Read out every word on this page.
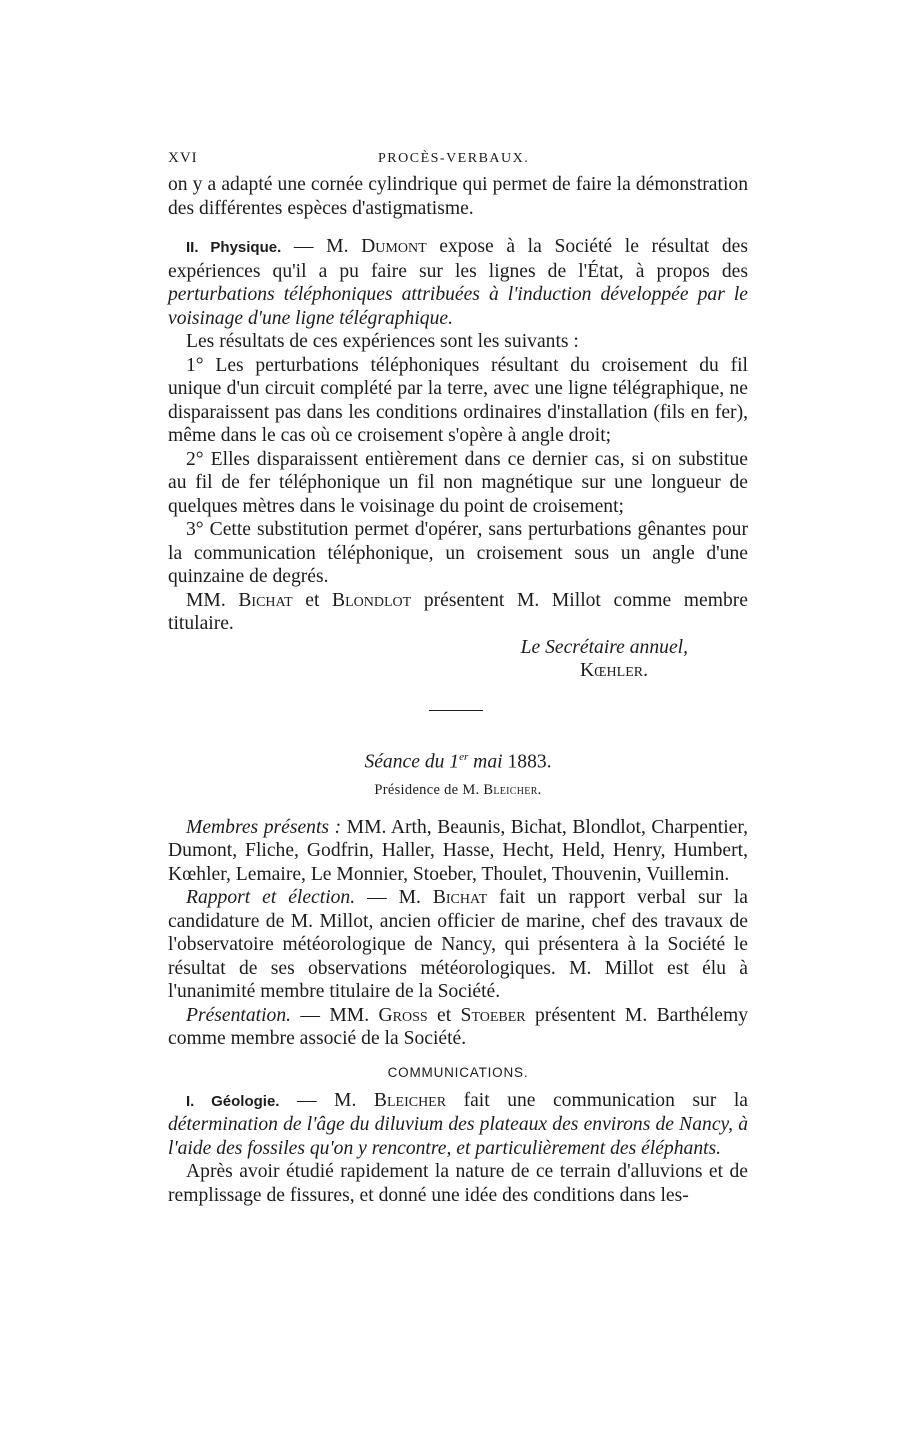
XVI	PROCÈS-VERBAUX.

on y a adapté une cornée cylindrique qui permet de faire la démonstration des différentes espèces d'astigmatisme.

II. Physique. — M. Dumont expose à la Société le résultat des expériences qu'il a pu faire sur les lignes de l'État, à propos des perturbations téléphoniques attribuées à l'induction développée par le voisinage d'une ligne télégraphique.

Les résultats de ces expériences sont les suivants :

1° Les perturbations téléphoniques résultant du croisement du fil unique d'un circuit complété par la terre, avec une ligne télégraphique, ne disparaissent pas dans les conditions ordinaires d'installation (fils en fer), même dans le cas où ce croisement s'opère à angle droit;

2° Elles disparaissent entièrement dans ce dernier cas, si on substitue au fil de fer téléphonique un fil non magnétique sur une longueur de quelques mètres dans le voisinage du point de croisement;

3° Cette substitution permet d'opérer, sans perturbations gênantes pour la communication téléphonique, un croisement sous un angle d'une quinzaine de degrés.

MM. Bichat et Blondlot présentent M. Millot comme membre titulaire.

Le Secrétaire annuel,
Kœhler.
Séance du 1er mai 1883.
Présidence de M. Bleicher.

Membres présents : MM. Arth, Beaunis, Bichat, Blondlot, Charpentier, Dumont, Fliche, Godfrin, Haller, Hasse, Hecht, Held, Henry, Humbert, Kœhler, Lemaire, Le Monnier, Stoeber, Thoulet, Thouvenin, Vuillemin.

Rapport et élection. — M. Bichat fait un rapport verbal sur la candidature de M. Millot, ancien officier de marine, chef des travaux de l'observatoire météorologique de Nancy, qui présentera à la Société le résultat de ses observations météorologiques. M. Millot est élu à l'unanimité membre titulaire de la Société.

Présentation. — MM. Gross et Stoeber présentent M. Barthélemy comme membre associé de la Société.

COMMUNICATIONS.

I. Géologie. — M. Bleicher fait une communication sur la détermination de l'âge du diluvium des plateaux des environs de Nancy, à l'aide des fossiles qu'on y rencontre, et particulièrement des éléphants.

Après avoir étudié rapidement la nature de ce terrain d'alluvions et de remplissage de fissures, et donné une idée des conditions dans les-
